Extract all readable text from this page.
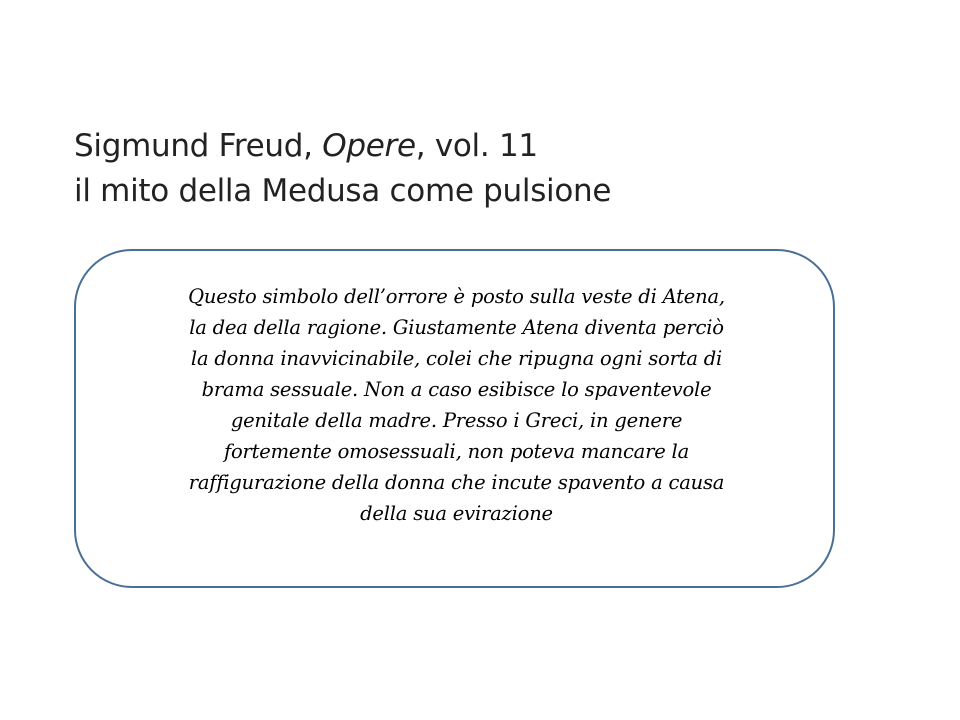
Sigmund Freud, Opere, vol. 11
il mito della Medusa come pulsione
Questo simbolo dell’orrore è posto sulla veste di Atena,
la dea della ragione. Giustamente Atena diventa perciò
la donna inavvicinabile, colei che ripugna ogni sorta di
brama sessuale. Non a caso esibisce lo spaventevole
genitale della madre. Presso i Greci, in genere
fortemente omosessuali, non poteva mancare la
raffigurazione della donna che incute spavento a causa
della sua evirazione
